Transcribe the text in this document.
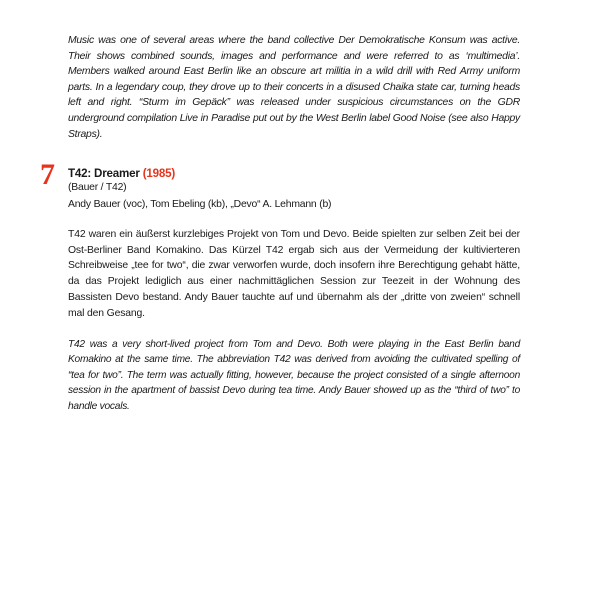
Music was one of several areas where the band collective Der Demokratische Konsum was active. Their shows combined sounds, images and performance and were referred to as ‘multimedia’. Members walked around East Berlin like an obscure art militia in a wild drill with Red Army uniform parts. In a legendary coup, they drove up to their concerts in a disused Chaika state car, turning heads left and right. “Sturm im Gepäck” was released under suspicious circumstances on the GDR underground compilation Live in Paradise put out by the West Berlin label Good Noise (see also Happy Straps).

7 T42: Dreamer (1985)
(Bauer / T42)
Andy Bauer (voc), Tom Ebeling (kb), „Devo“ A. Lehmann (b)

T42 waren ein äußerst kurzlebiges Projekt von Tom und Devo. Beide spielten zur selben Zeit bei der Ost-Berliner Band Komakino. Das Kürzel T42 ergab sich aus der Vermeidung der kultivierteren Schreibweise „tee for two“, die zwar verworfen wurde, doch insofern ihre Berechtigung gehabt hätte, da das Projekt lediglich aus einer nachmittäglichen Session zur Teezeit in der Wohnung des Bassisten Devo bestand. Andy Bauer tauchte auf und übernahm als der „dritte von zweien“ schnell mal den Gesang.

T42 was a very short-lived project from Tom and Devo. Both were playing in the East Berlin band Komakino at the same time. The abbreviation T42 was derived from avoiding the cultivated spelling of “tea for two”. The term was actually fitting, however, because the project consisted of a single afternoon session in the apartment of bassist Devo during tea time. Andy Bauer showed up as the “third of two” to handle vocals.
